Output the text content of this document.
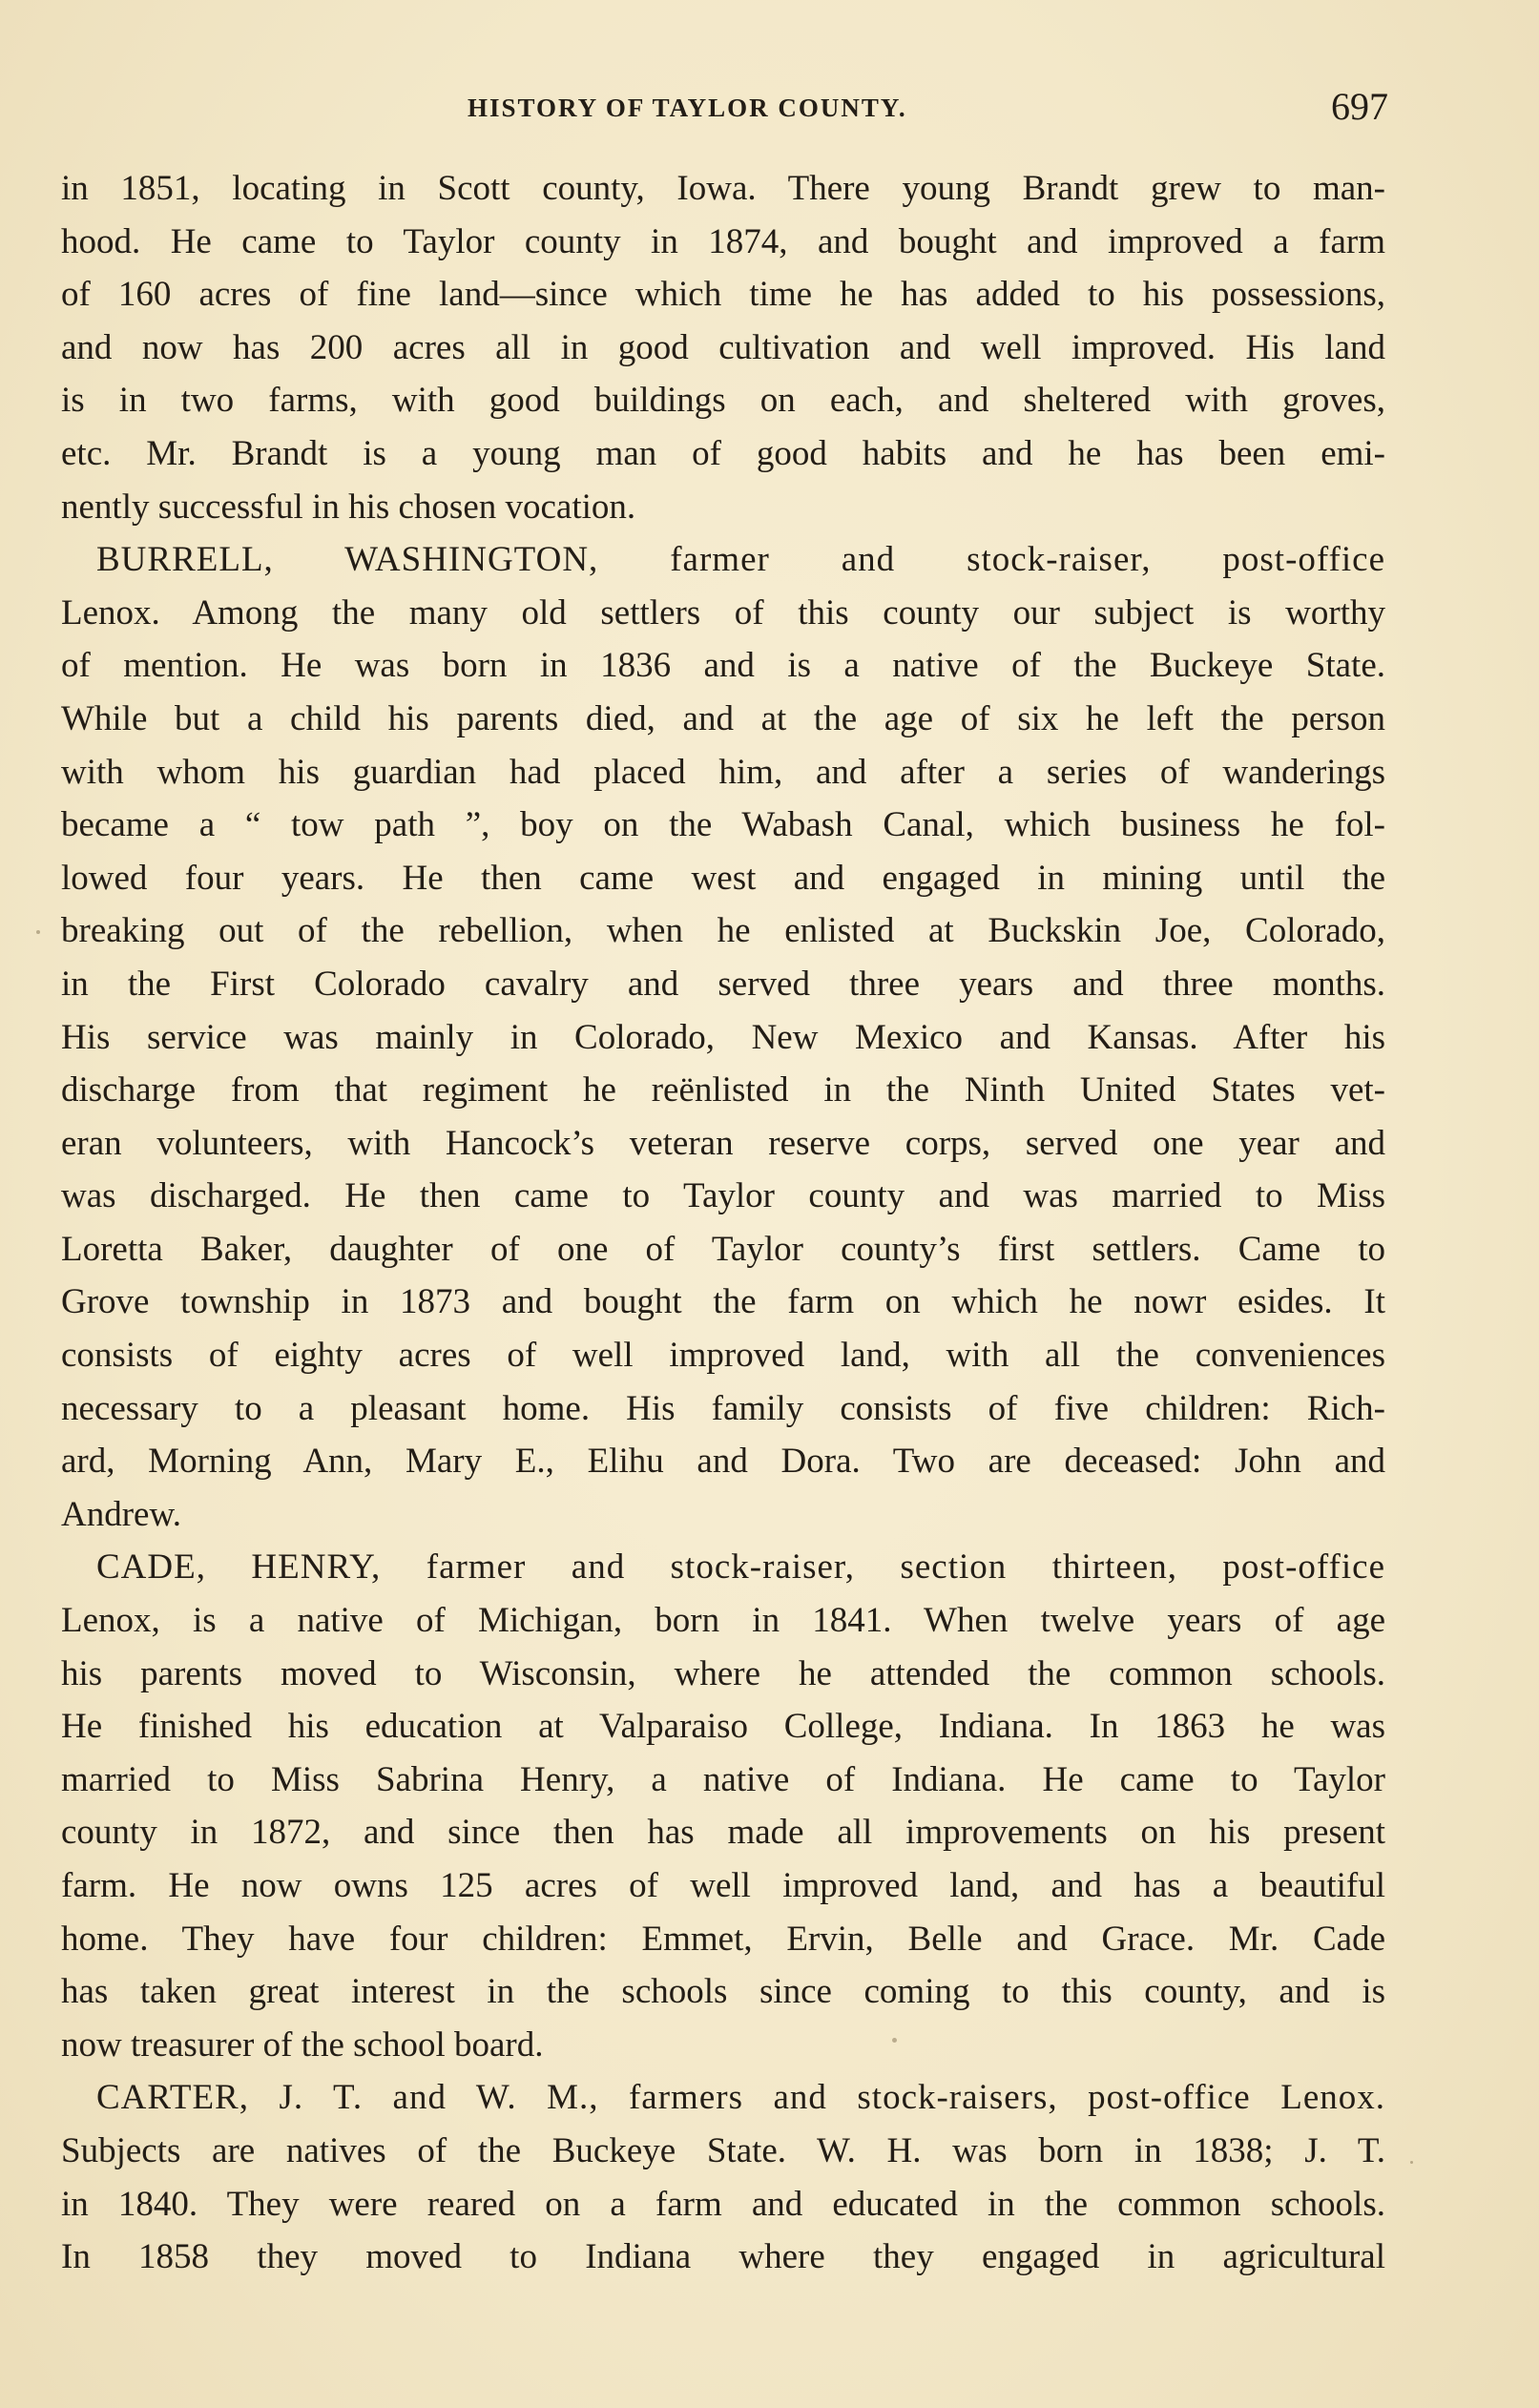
HISTORY OF TAYLOR COUNTY.	697
in 1851, locating in Scott county, Iowa. There young Brandt grew to man-
hood. He came to Taylor county in 1874, and bought and improved a farm
of 160 acres of fine land—since which time he has added to his possessions,
and now has 200 acres all in good cultivation and well improved. His land
is in two farms, with good buildings on each, and sheltered with groves,
etc. Mr. Brandt is a young man of good habits and he has been emi-
nently successful in his chosen vocation.
BURRELL, WASHINGTON, farmer and stock-raiser, post-office
Lenox. Among the many old settlers of this county our subject is worthy
of mention. He was born in 1836 and is a native of the Buckeye State.
While but a child his parents died, and at the age of six he left the person
with whom his guardian had placed him, and after a series of wanderings
became a “ tow path ”, boy on the Wabash Canal, which business he fol-
lowed four years. He then came west and engaged in mining until the
breaking out of the rebellion, when he enlisted at Buckskin Joe, Colorado,
in the First Colorado cavalry and served three years and three months.
His service was mainly in Colorado, New Mexico and Kansas. After his
discharge from that regiment he reënlisted in the Ninth United States vet-
eran volunteers, with Hancock’s veteran reserve corps, served one year and
was discharged. He then came to Taylor county and was married to Miss
Loretta Baker, daughter of one of Taylor county’s first settlers. Came to
Grove township in 1873 and bought the farm on which he nowr esides. It
consists of eighty acres of well improved land, with all the conveniences
necessary to a pleasant home. His family consists of five children: Rich-
ard, Morning Ann, Mary E., Elihu and Dora. Two are deceased: John and
Andrew.
CADE, HENRY, farmer and stock-raiser, section thirteen, post-office
Lenox, is a native of Michigan, born in 1841. When twelve years of age
his parents moved to Wisconsin, where he attended the common schools.
He finished his education at Valparaiso College, Indiana. In 1863 he was
married to Miss Sabrina Henry, a native of Indiana. He came to Taylor
county in 1872, and since then has made all improvements on his present
farm. He now owns 125 acres of well improved land, and has a beautiful
home. They have four children: Emmet, Ervin, Belle and Grace. Mr. Cade
has taken great interest in the schools since coming to this county, and is
now treasurer of the school board.
CARTER, J. T. and W. M., farmers and stock-raisers, post-office Lenox.
Subjects are natives of the Buckeye State. W. H. was born in 1838; J. T.
in 1840. They were reared on a farm and educated in the common schools.
In 1858 they moved to Indiana where they engaged in agricultural
